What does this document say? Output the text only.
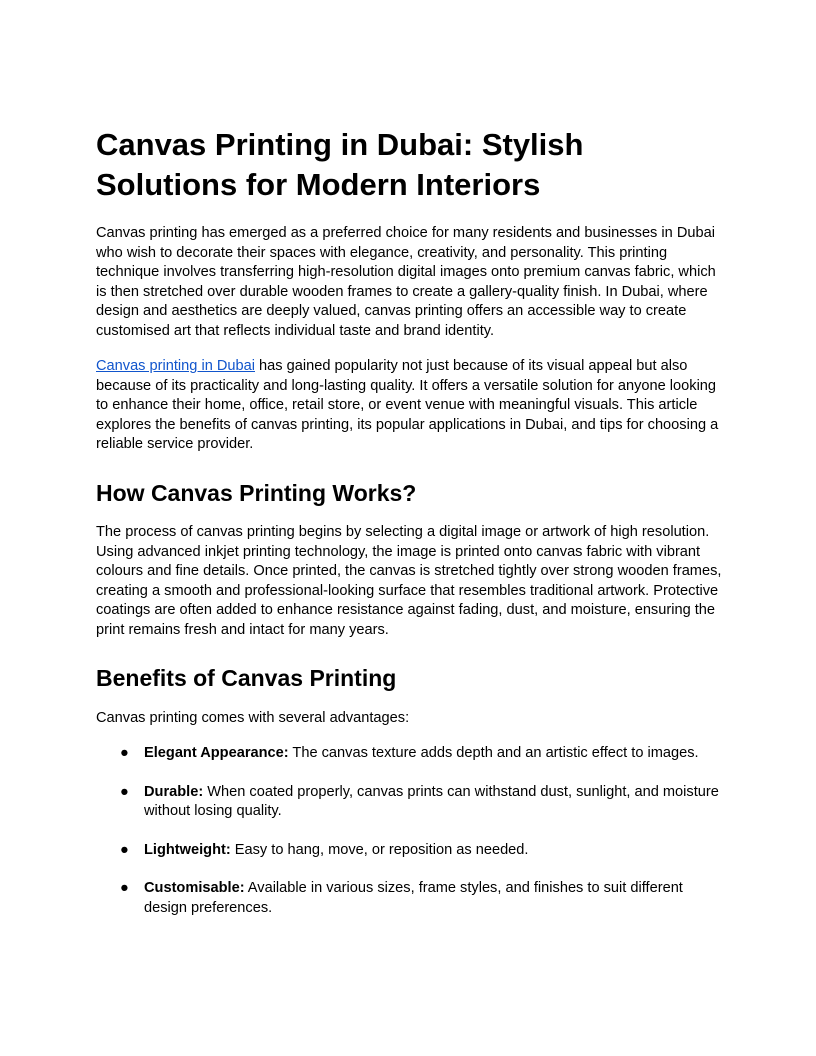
Canvas Printing in Dubai: Stylish Solutions for Modern Interiors

Canvas printing has emerged as a preferred choice for many residents and businesses in Dubai who wish to decorate their spaces with elegance, creativity, and personality. This printing technique involves transferring high-resolution digital images onto premium canvas fabric, which is then stretched over durable wooden frames to create a gallery-quality finish. In Dubai, where design and aesthetics are deeply valued, canvas printing offers an accessible way to create customised art that reflects individual taste and brand identity.

Canvas printing in Dubai has gained popularity not just because of its visual appeal but also because of its practicality and long-lasting quality. It offers a versatile solution for anyone looking to enhance their home, office, retail store, or event venue with meaningful visuals. This article explores the benefits of canvas printing, its popular applications in Dubai, and tips for choosing a reliable service provider.

How Canvas Printing Works?

The process of canvas printing begins by selecting a digital image or artwork of high resolution. Using advanced inkjet printing technology, the image is printed onto canvas fabric with vibrant colours and fine details. Once printed, the canvas is stretched tightly over strong wooden frames, creating a smooth and professional-looking surface that resembles traditional artwork. Protective coatings are often added to enhance resistance against fading, dust, and moisture, ensuring the print remains fresh and intact for many years.

Benefits of Canvas Printing

Canvas printing comes with several advantages:

● Elegant Appearance: The canvas texture adds depth and an artistic effect to images.
● Durable: When coated properly, canvas prints can withstand dust, sunlight, and moisture without losing quality.
● Lightweight: Easy to hang, move, or reposition as needed.
● Customisable: Available in various sizes, frame styles, and finishes to suit different design preferences.
